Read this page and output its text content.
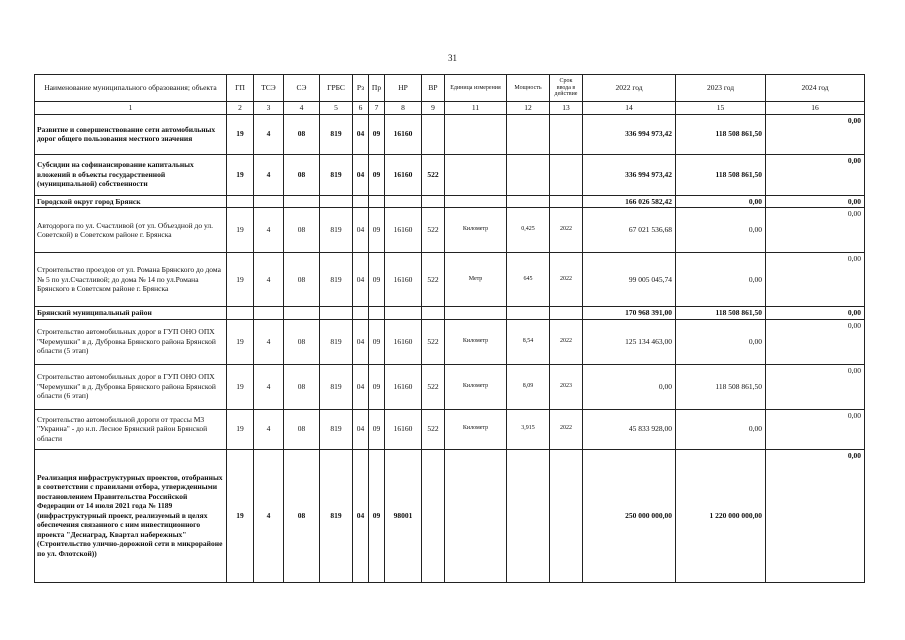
31
Наименование муниципального образования; объекта	ГП	ТСЭ	СЭ	ГРБС	Рз	Пр	НР	ВР	Единица измерения	Мощность	Срок ввода в действие	2022 год	2023 год	2024 год
1	2	3	4	5	6	7	8	9	11	12	13	14	15	16
Развитие и совершенствование сети автомобильных дорог общего пользования местного значения	19	4	08	819	04	09	16160					336 994 973,42	118 508 861,50	0,00
Субсидии на софинансирование капитальных вложений в объекты государственной (муниципальной) собственности	19	4	08	819	04	09	16160	522				336 994 973,42	118 508 861,50	0,00
Городской округ город Брянск												166 026 582,42	0,00	0,00
Автодорога по ул. Счастливой (от ул. Объездной до ул. Советской) в Советском районе г. Брянска	19	4	08	819	04	09	16160	522	Километр	0,425	2022	67 021 536,68	0,00	0,00
Строительство проездов от ул. Романа Брянского до дома № 5 по ул.Счастливой; до дома № 14 по ул.Романа Брянского в Советском районе г. Брянска	19	4	08	819	04	09	16160	522	Метр	645	2022	99 005 045,74	0,00	0,00
Брянский муниципальный район												170 968 391,00	118 508 861,50	0,00
Строительство автомобильных дорог в ГУП ОНО ОПХ "Черемушки" в д. Дубровка Брянского района Брянской области (5 этап)	19	4	08	819	04	09	16160	522	Километр	8,54	2022	125 134 463,00	0,00	0,00
Строительство автомобильных дорог в ГУП ОНО ОПХ "Черемушки" в д. Дубровка Брянского района Брянской области (6 этап)	19	4	08	819	04	09	16160	522	Километр	8,09	2023	0,00	118 508 861,50	0,00
Строительство автомобильной дороги от трассы М3 "Украина" - до н.п. Лесное Брянский район Брянской области	19	4	08	819	04	09	16160	522	Километр	3,915	2022	45 833 928,00	0,00	0,00
Реализация инфраструктурных проектов, отобранных в соответствии с правилами отбора, утвержденными постановлением Правительства Российской Федерации от 14 июля 2021 года № 1189 (инфраструктурный проект, реализуемый в целях обеспечения связанного с ним инвестиционного проекта "Деснаград, Квартал набережных" (Строительство улично-дорожной сети в микрорайоне по ул. Флотской))	19	4	08	819	04	09	98001					250 000 000,00	1 220 000 000,00	0,00
